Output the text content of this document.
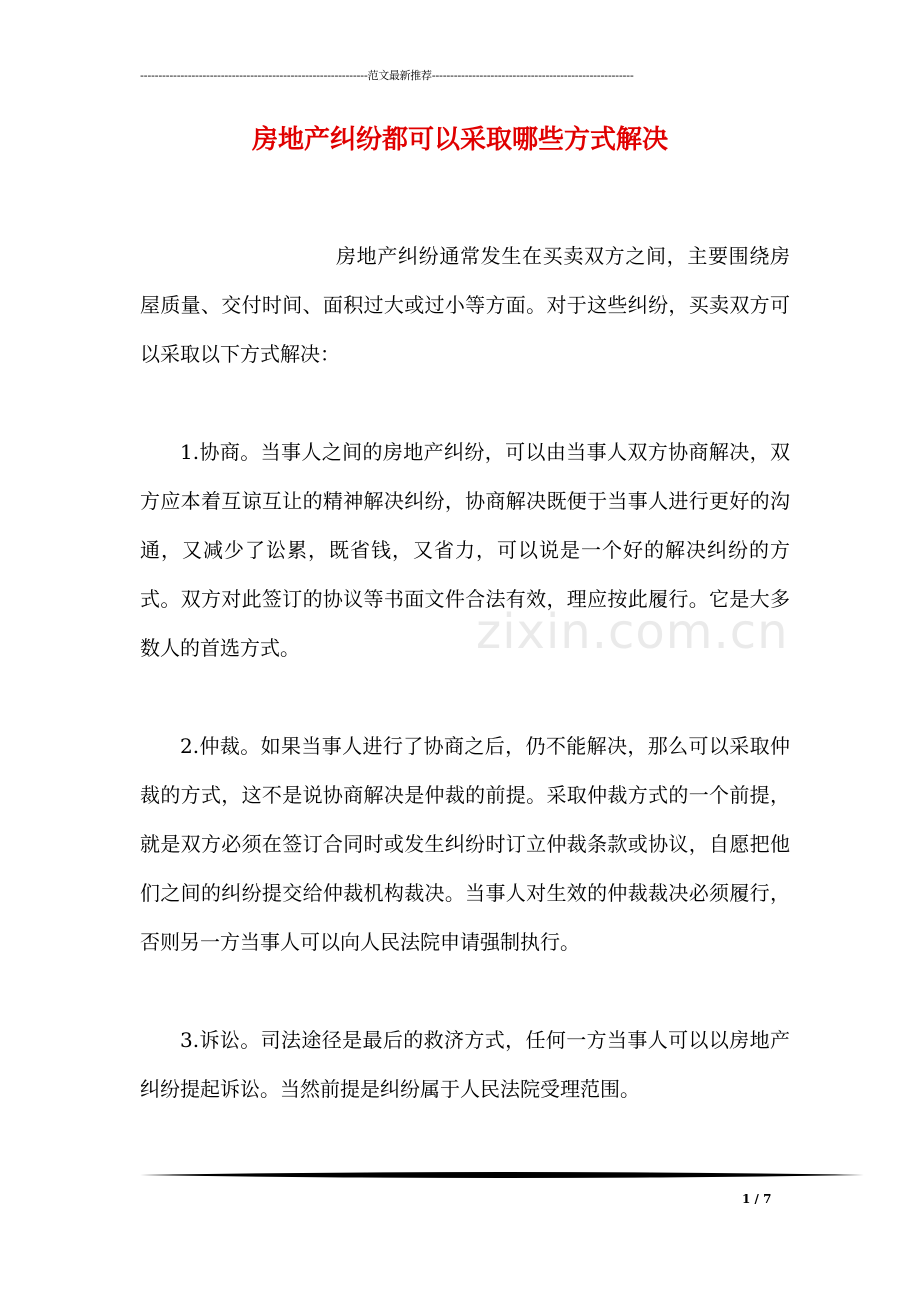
--------------------------------------------------------------范文最新推荐-------------------------------------------------------
房地产纠纷都可以采取哪些方式解决

房地产纠纷通常发生在买卖双方之间，主要围绕房屋质量、交付时间、面积过大或过小等方面。对于这些纠纷，买卖双方可以采取以下方式解决：

1.协商。当事人之间的房地产纠纷，可以由当事人双方协商解决，双方应本着互谅互让的精神解决纠纷，协商解决既便于当事人进行更好的沟通，又减少了讼累，既省钱，又省力，可以说是一个好的解决纠纷的方式。双方对此签订的协议等书面文件合法有效，理应按此履行。它是大多数人的首选方式。

2.仲裁。如果当事人进行了协商之后，仍不能解决，那么可以采取仲裁的方式，这不是说协商解决是仲裁的前提。采取仲裁方式的一个前提，就是双方必须在签订合同时或发生纠纷时订立仲裁条款或协议，自愿把他们之间的纠纷提交给仲裁机构裁决。当事人对生效的仲裁裁决必须履行，否则另一方当事人可以向人民法院申请强制执行。

3.诉讼。司法途径是最后的救济方式，任何一方当事人可以以房地产纠纷提起诉讼。当然前提是纠纷属于人民法院受理范围。

zixin.com.cn
1 / 7
